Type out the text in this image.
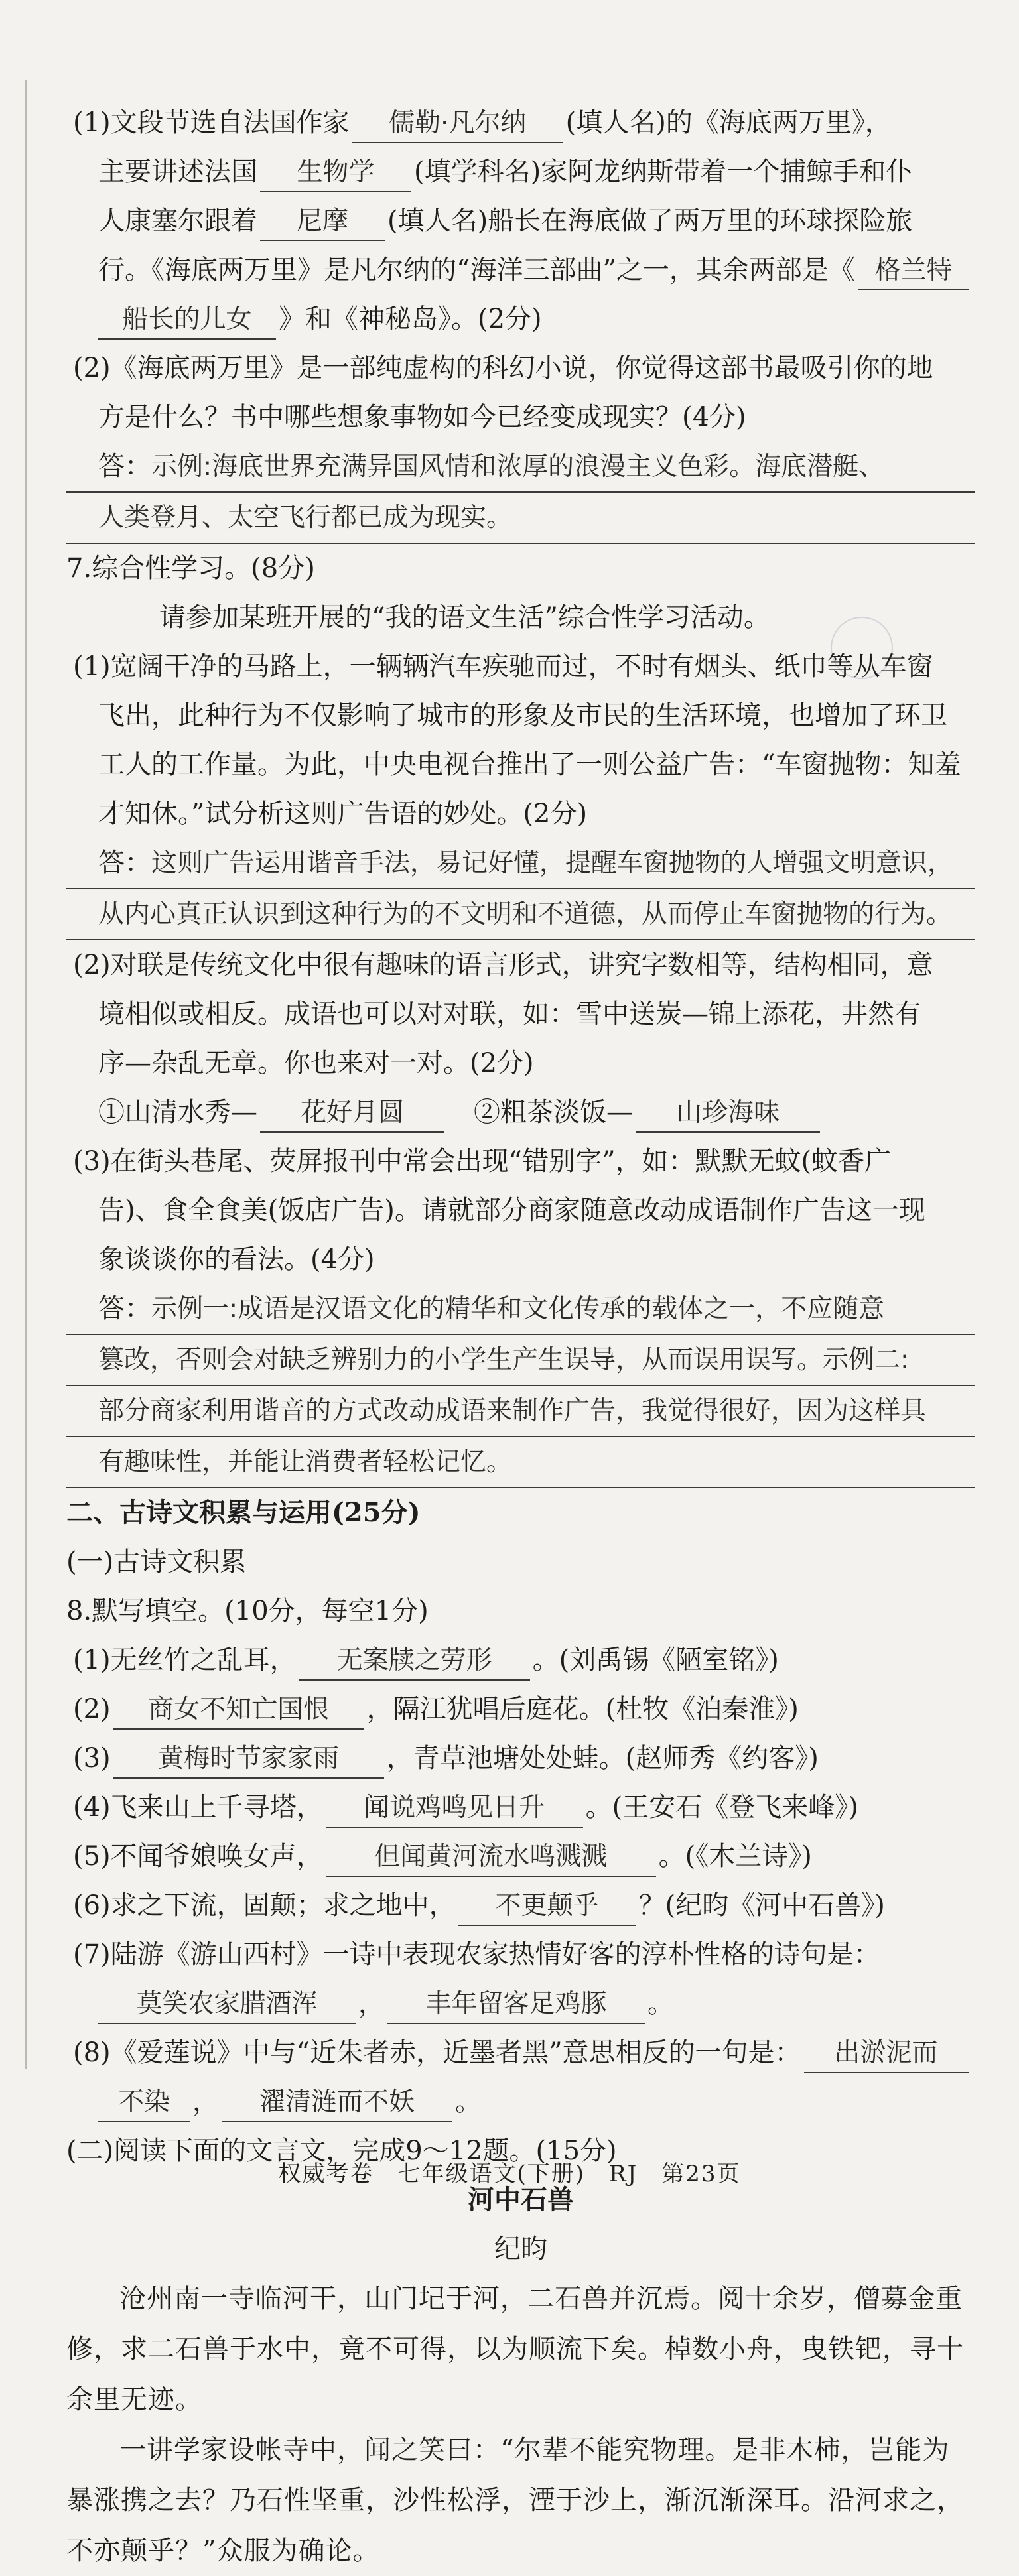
(1)文段节选自法国作家 儒勒·凡尔纳 (填人名)的《海底两万里》，

主要讲述法国 生物学 (填学科名)家阿龙纳斯带着一个捕鲸手和仆

人康塞尔跟着 尼摩 (填人名)船长在海底做了两万里的环球探险旅

行。《海底两万里》是凡尔纳的“海洋三部曲”之一，其余两部是《 格兰特

船长的儿女 》和《神秘岛》。(2分)

(2)《海底两万里》是一部纯虚构的科幻小说，你觉得这部书最吸引你的地

方是什么？书中哪些想象事物如今已经变成现实？(4分)

答：示例:海底世界充满异国风情和浓厚的浪漫主义色彩。海底潜艇、

人类登月、太空飞行都已成为现实。

7.综合性学习。(8分)

请参加某班开展的“我的语文生活”综合性学习活动。

(1)宽阔干净的马路上，一辆辆汽车疾驰而过，不时有烟头、纸巾等从车窗

飞出，此种行为不仅影响了城市的形象及市民的生活环境，也增加了环卫

工人的工作量。为此，中央电视台推出了一则公益广告：“车窗抛物：知羞

才知休。”试分析这则广告语的妙处。(2分)

答：这则广告运用谐音手法，易记好懂，提醒车窗抛物的人增强文明意识，

从内心真正认识到这种行为的不文明和不道德，从而停止车窗抛物的行为。

(2)对联是传统文化中很有趣味的语言形式，讲究字数相等，结构相同，意

境相似或相反。成语也可以对对联，如：雪中送炭—锦上添花，井然有

序—杂乱无章。你也来对一对。(2分)

①山清水秀— 花好月圆	②粗茶淡饭— 山珍海味

(3)在街头巷尾、荧屏报刊中常会出现“错别字”，如：默默无蚊(蚊香广

告)、食全食美(饭店广告)。请就部分商家随意改动成语制作广告这一现

象谈谈你的看法。(4分)

答：示例一:成语是汉语文化的精华和文化传承的载体之一，不应随意

篡改，否则会对缺乏辨别力的小学生产生误导，从而误用误写。示例二:

部分商家利用谐音的方式改动成语来制作广告，我觉得很好，因为这样具

有趣味性，并能让消费者轻松记忆。

二、古诗文积累与运用(25分)

(一)古诗文积累

8.默写填空。(10分，每空1分)

(1)无丝竹之乱耳， 无案牍之劳形 。(刘禹锡《陋室铭》)

(2) 商女不知亡国恨 ，隔江犹唱后庭花。(杜牧《泊秦淮》)

(3) 黄梅时节家家雨 ，青草池塘处处蛙。(赵师秀《约客》)

(4)飞来山上千寻塔， 闻说鸡鸣见日升 。(王安石《登飞来峰》)

(5)不闻爷娘唤女声， 但闻黄河流水鸣溅溅 。(《木兰诗》)

(6)求之下流，固颠；求之地中， 不更颠乎 ？(纪昀《河中石兽》)

(7)陆游《游山西村》一诗中表现农家热情好客的淳朴性格的诗句是：

莫笑农家腊酒浑 ， 丰年留客足鸡豚 。

(8)《爱莲说》中与“近朱者赤，近墨者黑”意思相反的一句是： 出淤泥而

不染 ， 濯清涟而不妖 。

(二)阅读下面的文言文，完成9～12题。(15分)

河中石兽

纪昀

沧州南一寺临河干，山门圮于河，二石兽并沉焉。阅十余岁，僧募金重修，求二石兽于水中，竟不可得，以为顺流下矣。棹数小舟，曳铁钯，寻十余里无迹。

一讲学家设帐寺中，闻之笑曰：“尔辈不能究物理。是非木柿，岂能为暴涨携之去？乃石性坚重，沙性松浮，湮于沙上，渐沉渐深耳。沿河求之，不亦颠乎？”众服为确论。

权威考卷　七年级语文(下册)　RJ　第23页
